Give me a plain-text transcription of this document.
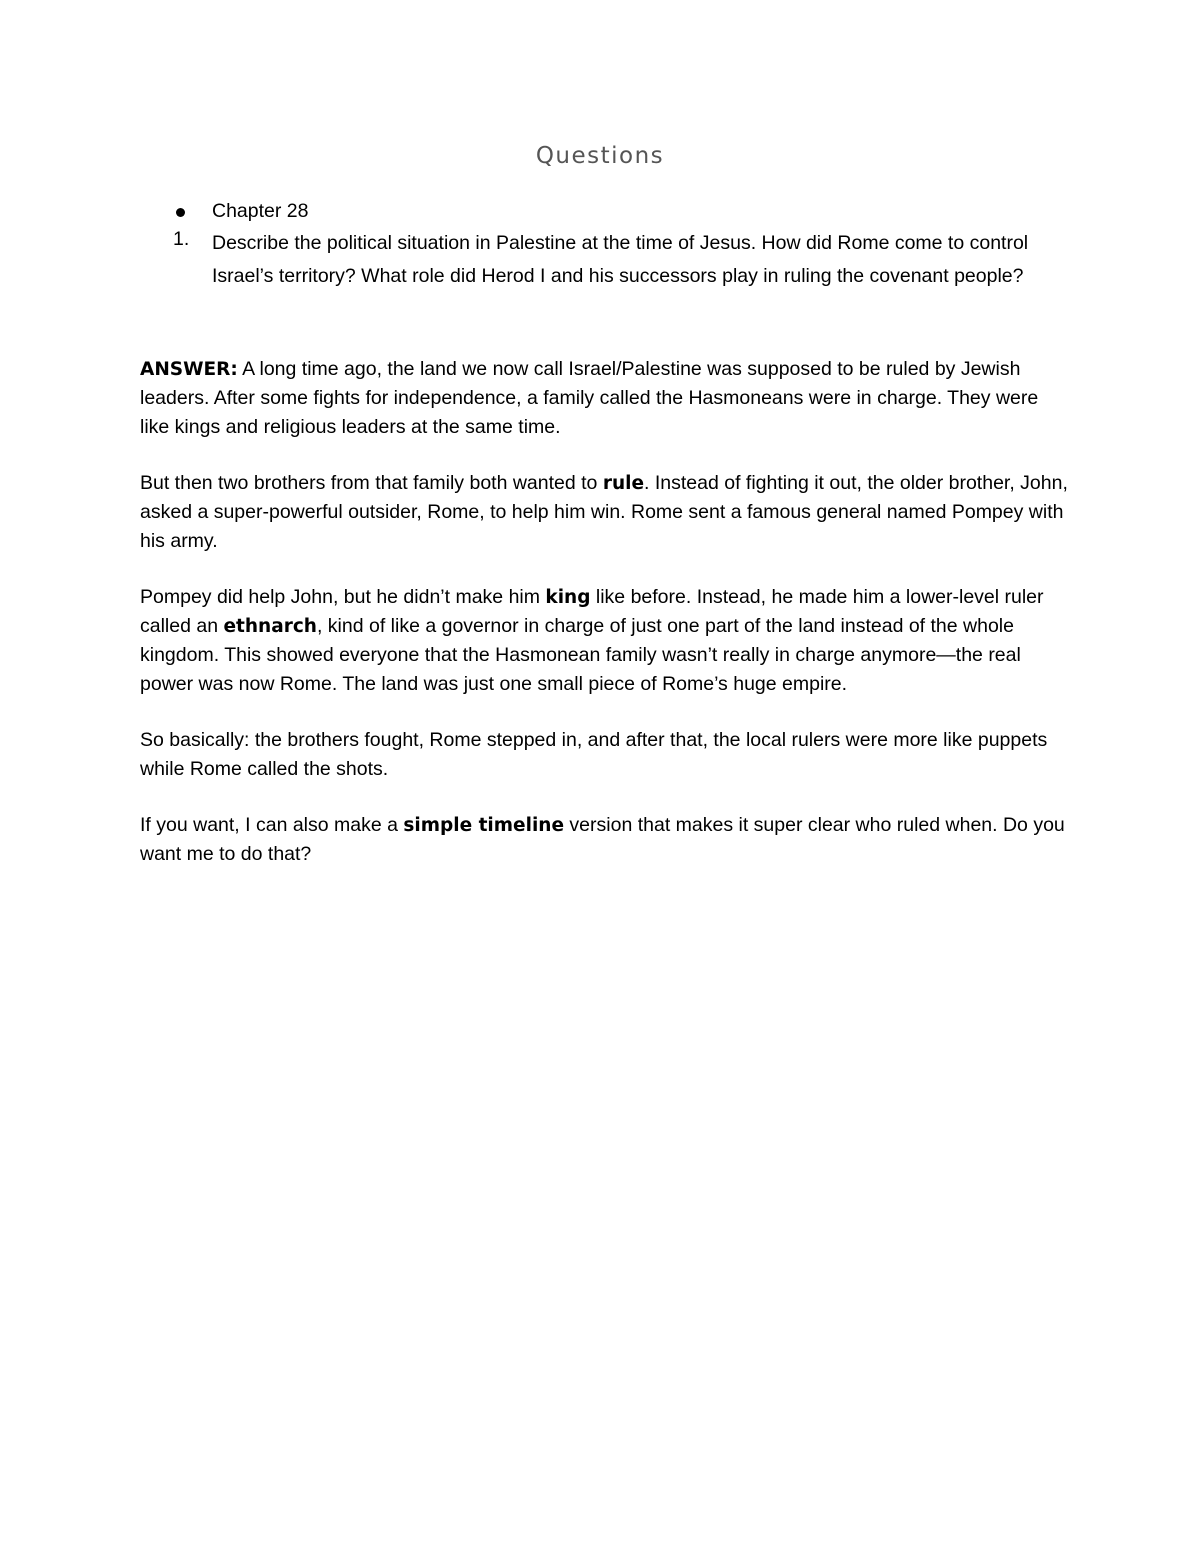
Questions
Chapter 28
1.	Describe the political situation in Palestine at the time of Jesus. How did Rome come to control Israel’s territory? What role did Herod I and his successors play in ruling the covenant people?

ANSWER: A long time ago, the land we now call Israel/Palestine was supposed to be ruled by Jewish leaders. After some fights for independence, a family called the Hasmoneans were in charge. They were like kings and religious leaders at the same time.

But then two brothers from that family both wanted to rule. Instead of fighting it out, the older brother, John, asked a super-powerful outsider, Rome, to help him win. Rome sent a famous general named Pompey with his army.

Pompey did help John, but he didn’t make him king like before. Instead, he made him a lower-level ruler called an ethnarch, kind of like a governor in charge of just one part of the land instead of the whole kingdom. This showed everyone that the Hasmonean family wasn’t really in charge anymore—the real power was now Rome. The land was just one small piece of Rome’s huge empire.

So basically: the brothers fought, Rome stepped in, and after that, the local rulers were more like puppets while Rome called the shots.

If you want, I can also make a simple timeline version that makes it super clear who ruled when. Do you want me to do that?
